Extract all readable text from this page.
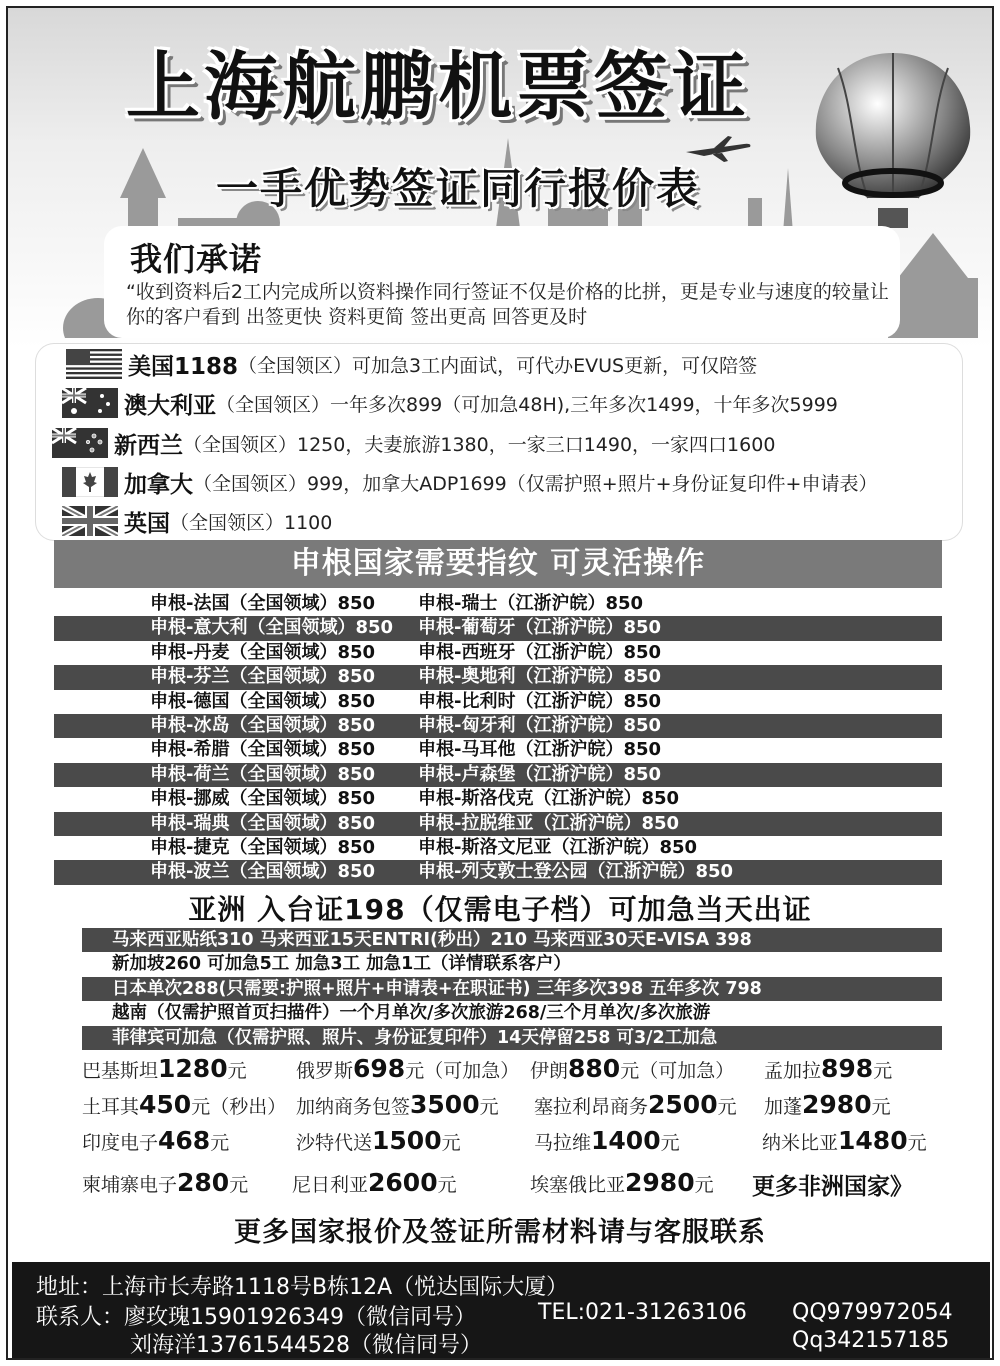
上海航鹏机票签证
一手优势签证同行报价表
我们承诺

“收到资料后2工内完成所以资料操作同行签证不仅是价格的比拼，更是专业与速度的较量让你的客户看到 出签更快 资料更简 签出更高 回答更及时

美国1188 （全国领区）可加急3工内面试，可代办EVUS更新，可仅陪签
澳大利亚 （全国领区）一年多次899（可加急48H),三年多次1499，十年多次5999
新西兰 （全国领区）1250，夫妻旅游1380，一家三口1490，一家四口1600
加拿大 （全国领区）999，加拿大ADP1699（仅需护照+照片+身份证复印件+申请表）
英国 （全国领区）1100
申根国家需要指纹 可灵活操作
申根-法国（全国领域）850	申根-瑞士（江浙沪皖）850
申根-意大利（全国领域）850	申根-葡萄牙（江浙沪皖）850
申根-丹麦（全国领域）850	申根-西班牙（江浙沪皖）850
申根-芬兰（全国领域）850	申根-奥地利（江浙沪皖）850
申根-德国（全国领域）850	申根-比利时（江浙沪皖）850
申根-冰岛（全国领域）850	申根-匈牙利（江浙沪皖）850
申根-希腊（全国领域）850	申根-马耳他（江浙沪皖）850
申根-荷兰（全国领域）850	申根-卢森堡（江浙沪皖）850
申根-挪威（全国领域）850	申根-斯洛伐克（江浙沪皖）850
申根-瑞典（全国领域）850	申根-拉脱维亚（江浙沪皖）850
申根-捷克（全国领域）850	申根-斯洛文尼亚（江浙沪皖）850
申根-波兰（全国领域）850	申根-列支敦士登公园（江浙沪皖）850
亚洲 入台证198（仅需电子档）可加急当天出证
马来西亚贴纸310 马来西亚15天ENTRI(秒出）210 马来西亚30天E-VISA 398
新加坡260 可加急5工 加急3工 加急1工（详情联系客户）
日本单次288(只需要:护照+照片+申请表+在职证书) 三年多次398 五年多次 798
越南（仅需护照首页扫描件）一个月单次/多次旅游268/三个月单次/多次旅游
菲律宾可加急（仅需护照、照片、身份证复印件）14天停留258 可3/2工加急
巴基斯坦1280元	俄罗斯698元（可加急） 伊朗880元（可加急） 孟加拉898元
土耳其450元（秒出） 加纳商务包签3500元 塞拉利昂商务2500元 加蓬2980元
印度电子468元	沙特代送1500元	马拉维1400元	纳米比亚1480元
柬埔寨电子280元 尼日利亚2600元	埃塞俄比亚2980元 更多非洲国家》
更多国家报价及签证所需材料请与客服联系
地址：上海市长寿路1118号B栋12A（悦达国际大厦）
联系人：廖玫瑰15901926349（微信同号）
刘海洋13761544528（微信同号）
TEL:021-31263106 QQ979972054
Qq342157185
